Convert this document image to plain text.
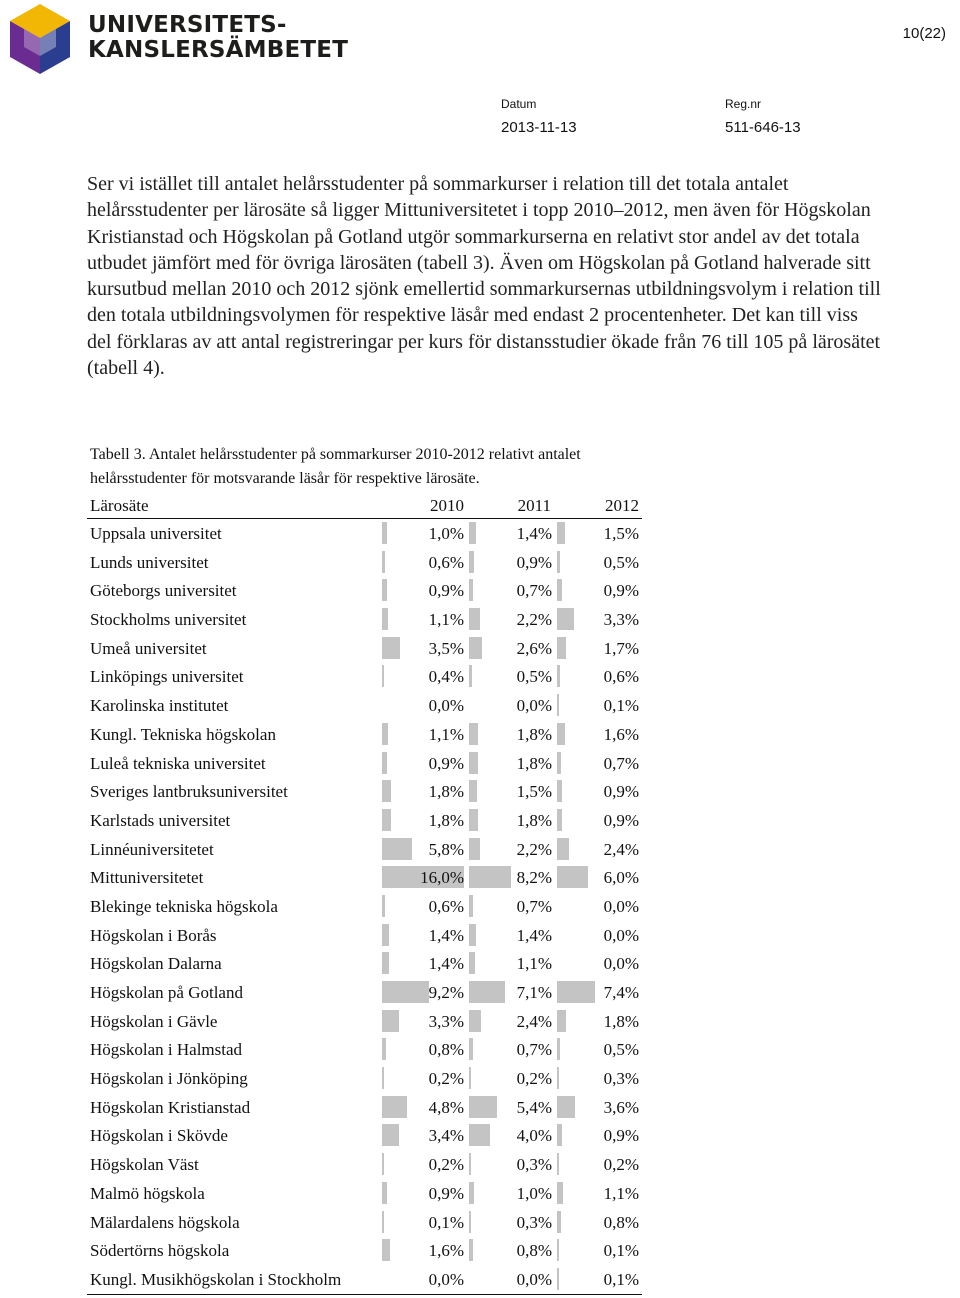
UNIVERSITETS-
KANSLERSÄMBETET
10(22)
Datum
2013-11-13
Reg.nr
511-646-13

Ser vi istället till antalet helårsstudenter på sommarkurser i relation till det totala antalet helårsstudenter per lärosäte så ligger Mittuniversitetet i topp 2010–2012, men även för Högskolan Kristianstad och Högskolan på Gotland utgör sommarkurserna en relativt stor andel av det totala utbudet jämfört med för övriga lärosäten (tabell 3). Även om Högskolan på Gotland halverade sitt kursutbud mellan 2010 och 2012 sjönk emellertid sommarkursernas utbildningsvolym i relation till den totala utbildningsvolymen för respektive läsår med endast 2 procentenheter. Det kan till viss del förklaras av att antal registreringar per kurs för distansstudier ökade från 76 till 105 på lärosätet (tabell 4).

Tabell 3. Antalet helårsstudenter på sommarkurser 2010-2012 relativt antalet helårsstudenter för motsvarande läsår för respektive lärosäte.
Lärosäte	2010	2011	2012
Uppsala universitet	1,0%	1,4%	1,5%
Lunds universitet	0,6%	0,9%	0,5%
Göteborgs universitet	0,9%	0,7%	0,9%
Stockholms universitet	1,1%	2,2%	3,3%
Umeå universitet	3,5%	2,6%	1,7%
Linköpings universitet	0,4%	0,5%	0,6%
Karolinska institutet	0,0%	0,0%	0,1%
Kungl. Tekniska högskolan	1,1%	1,8%	1,6%
Luleå tekniska universitet	0,9%	1,8%	0,7%
Sveriges lantbruksuniversitet	1,8%	1,5%	0,9%
Karlstads universitet	1,8%	1,8%	0,9%
Linnéuniversitetet	5,8%	2,2%	2,4%
Mittuniversitetet	16,0%	8,2%	6,0%
Blekinge tekniska högskola	0,6%	0,7%	0,0%
Högskolan i Borås	1,4%	1,4%	0,0%
Högskolan Dalarna	1,4%	1,1%	0,0%
Högskolan på Gotland	9,2%	7,1%	7,4%
Högskolan i Gävle	3,3%	2,4%	1,8%
Högskolan i Halmstad	0,8%	0,7%	0,5%
Högskolan i Jönköping	0,2%	0,2%	0,3%
Högskolan Kristianstad	4,8%	5,4%	3,6%
Högskolan i Skövde	3,4%	4,0%	0,9%
Högskolan Väst	0,2%	0,3%	0,2%
Malmö högskola	0,9%	1,0%	1,1%
Mälardalens högskola	0,1%	0,3%	0,8%
Södertörns högskola	1,6%	0,8%	0,1%
Kungl. Musikhögskolan i Stockholm	0,0%	0,0%	0,1%
